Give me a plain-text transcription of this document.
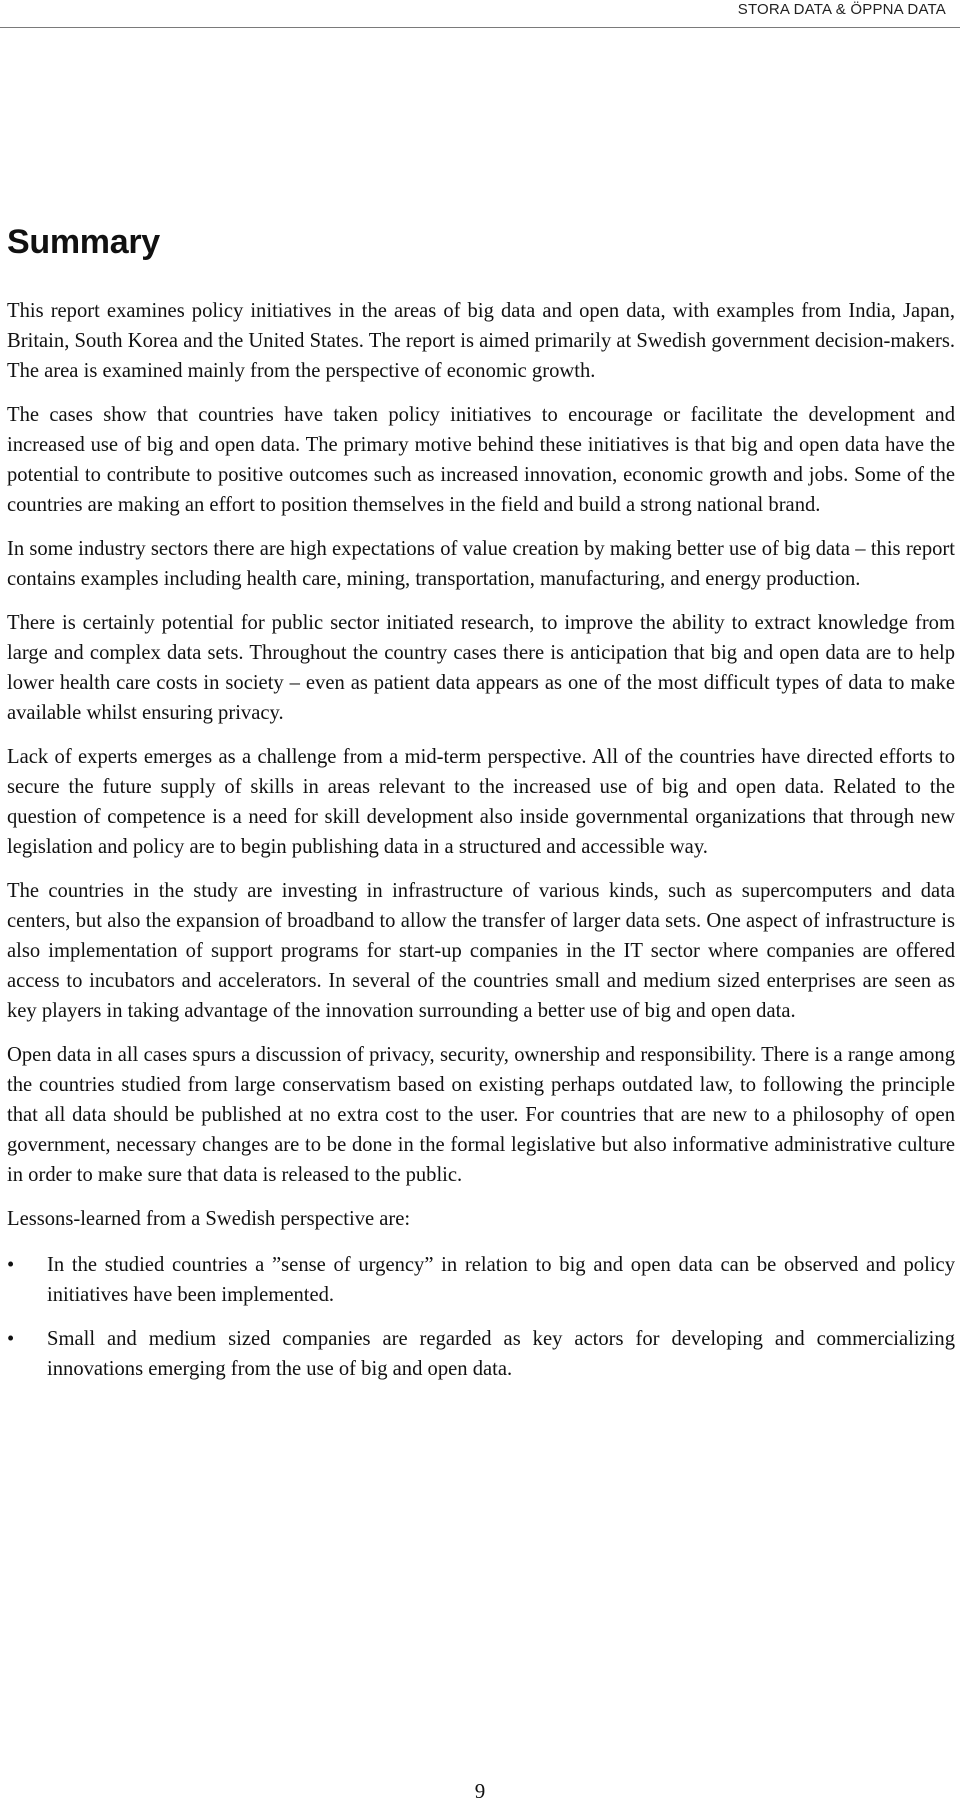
STORA DATA & ÖPPNA DATA
Summary

This report examines policy initiatives in the areas of big data and open data, with examples from India, Japan, Britain, South Korea and the United States. The report is aimed primarily at Swedish government decision-makers. The area is examined mainly from the perspective of economic growth.

The cases show that countries have taken policy initiatives to encourage or facilitate the development and increased use of big and open data. The primary motive behind these initiatives is that big and open data have the potential to contribute to positive outcomes such as increased innovation, economic growth and jobs. Some of the countries are making an effort to position themselves in the field and build a strong national brand.

In some industry sectors there are high expectations of value creation by making better use of big data – this report contains examples including health care, mining, transportation, manufacturing, and energy production.

There is certainly potential for public sector initiated research, to improve the ability to extract knowledge from large and complex data sets. Throughout the country cases there is anticipation that big and open data are to help lower health care costs in society – even as patient data appears as one of the most difficult types of data to make available whilst ensuring privacy.

Lack of experts emerges as a challenge from a mid-term perspective. All of the countries have directed efforts to secure the future supply of skills in areas relevant to the increased use of big and open data. Related to the question of competence is a need for skill development also inside governmental organizations that through new legislation and policy are to begin publishing data in a structured and accessible way.

The countries in the study are investing in infrastructure of various kinds, such as supercomputers and data centers, but also the expansion of broadband to allow the transfer of larger data sets. One aspect of infrastructure is also implementation of support programs for start-up companies in the IT sector where companies are offered access to incubators and accelerators. In several of the countries small and medium sized enterprises are seen as key players in taking advantage of the innovation surrounding a better use of big and open data.

Open data in all cases spurs a discussion of privacy, security, ownership and responsibility. There is a range among the countries studied from large conservatism based on existing perhaps outdated law, to following the principle that all data should be published at no extra cost to the user. For countries that are new to a philosophy of open government, necessary changes are to be done in the formal legislative but also informative administrative culture in order to make sure that data is released to the public.

Lessons-learned from a Swedish perspective are:

• In the studied countries a ”sense of urgency” in relation to big and open data can be observed and policy initiatives have been implemented.
• Small and medium sized companies are regarded as key actors for developing and commercializing innovations emerging from the use of big and open data.
9
